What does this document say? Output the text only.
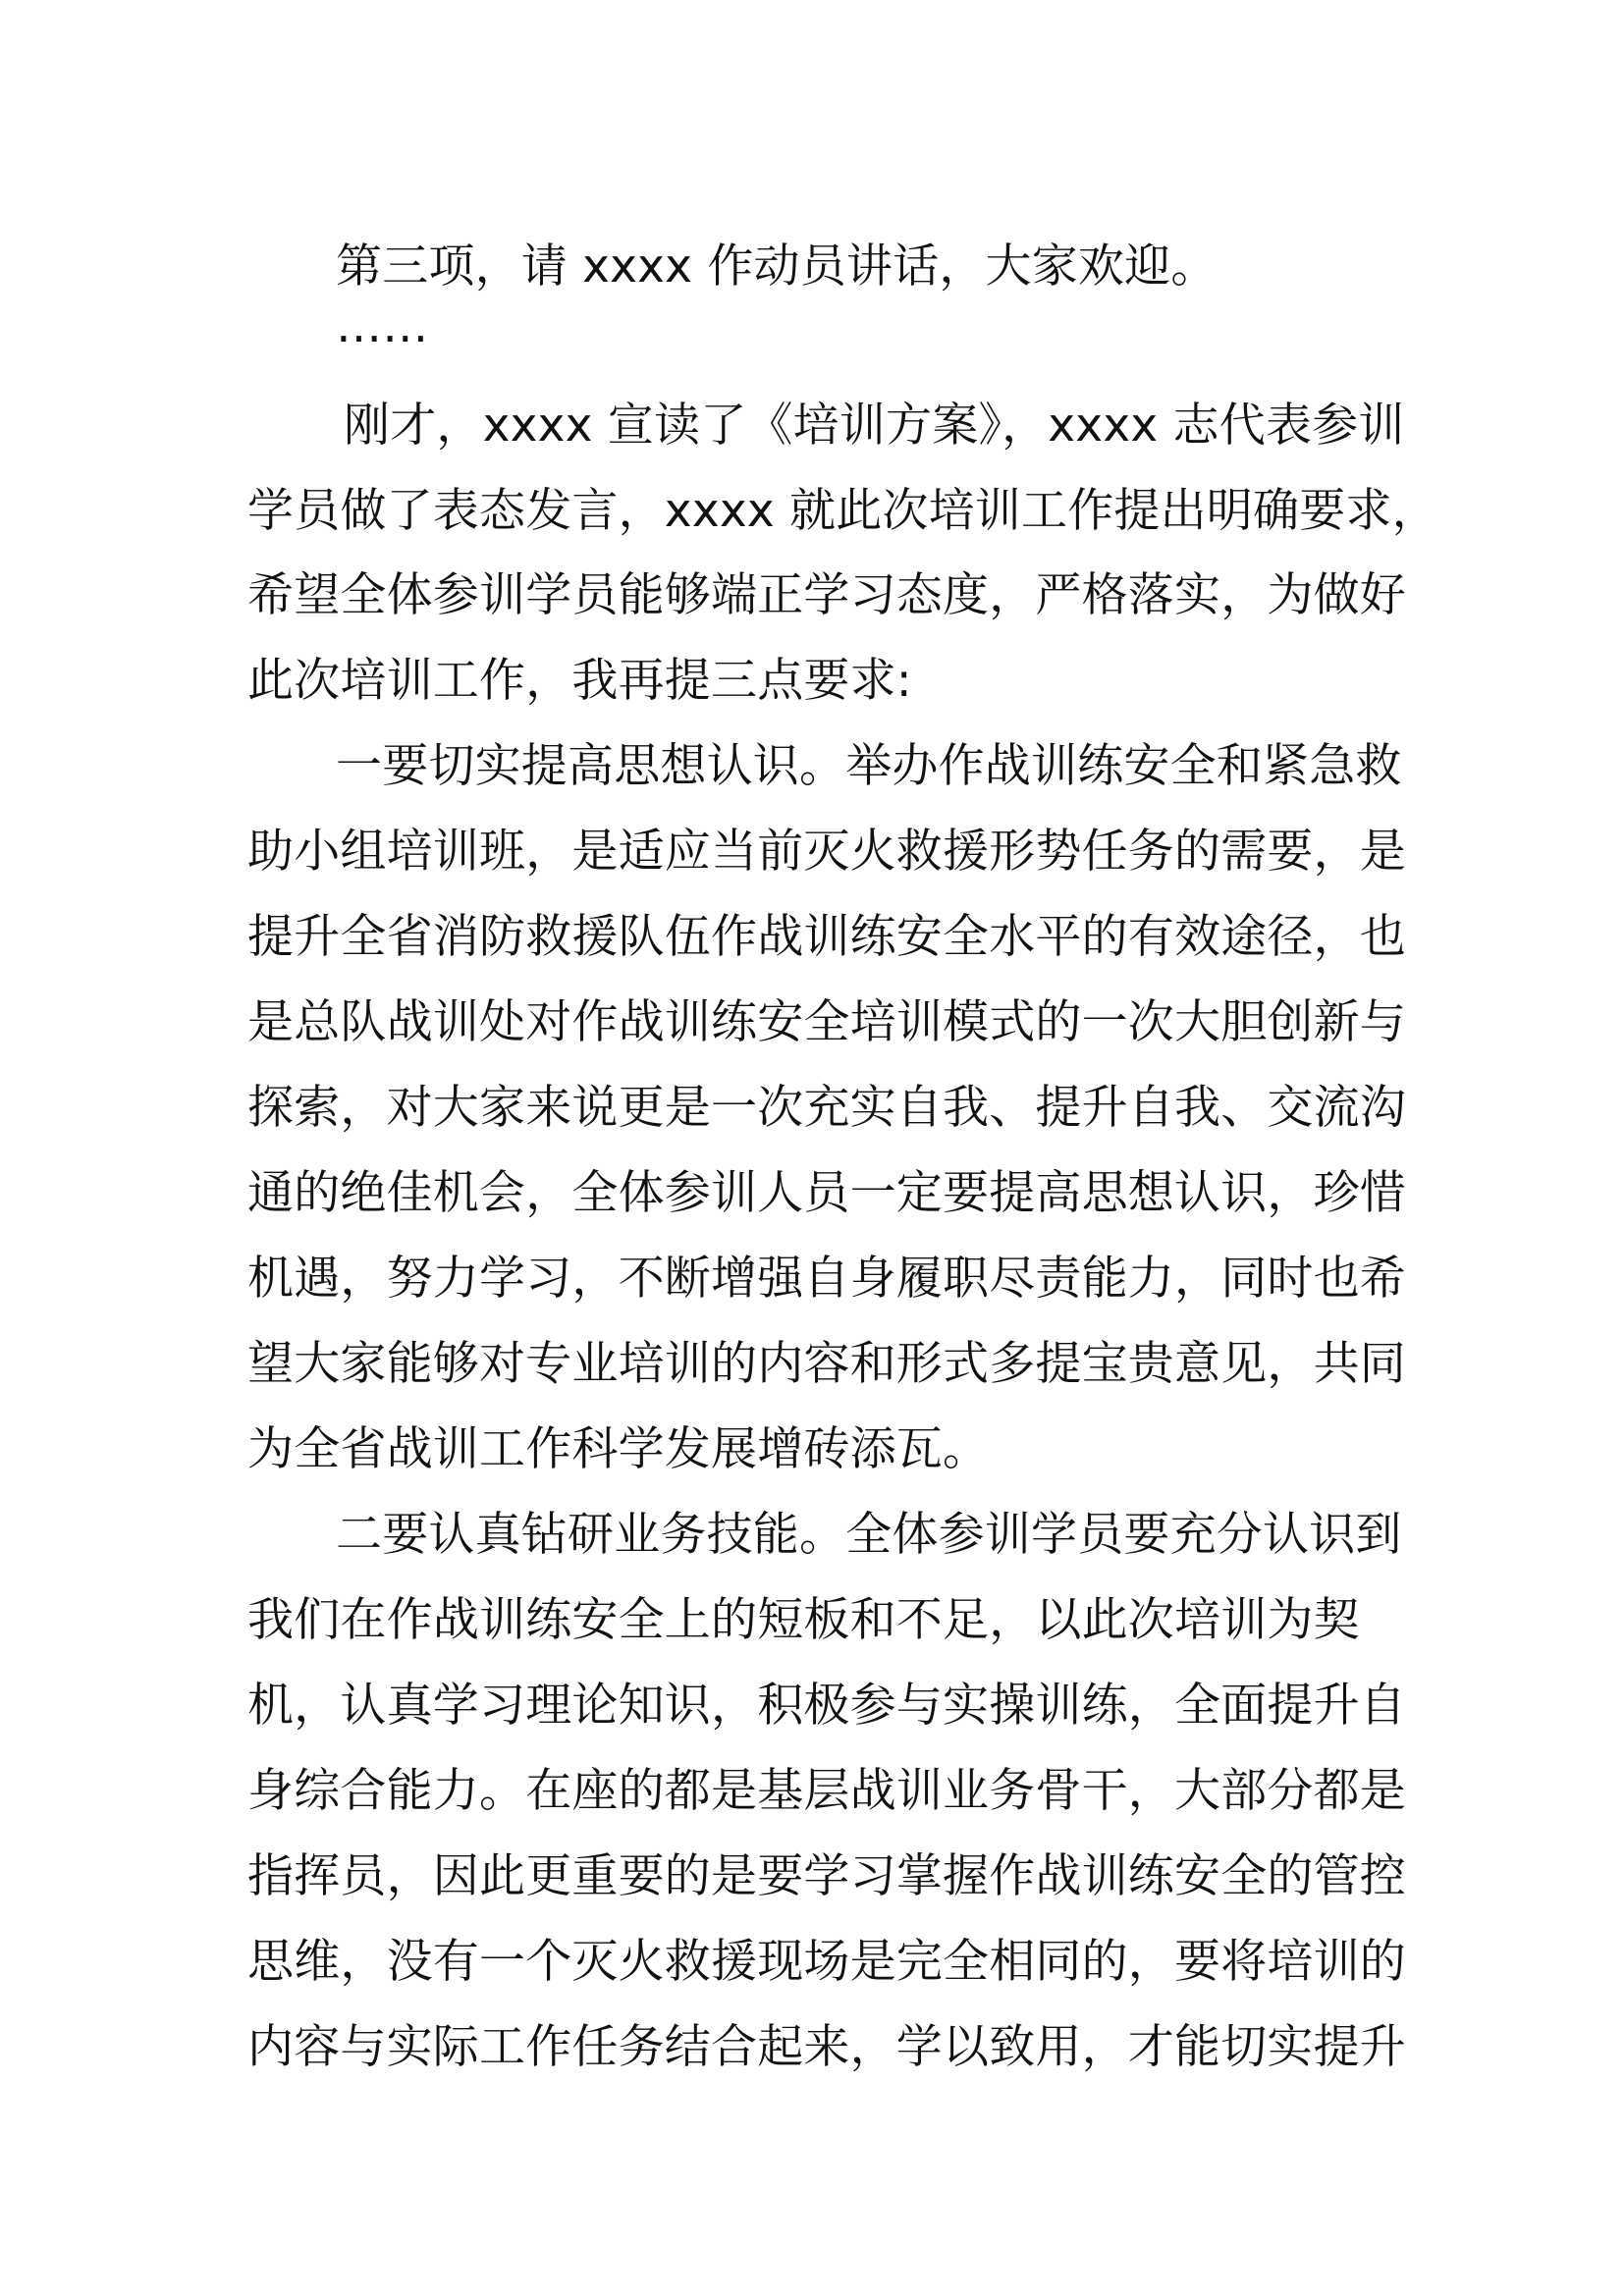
第三项，请 xxxx 作动员讲话，大家欢迎。

……

刚才，xxxx 宣读了《培训方案》，xxxx 志代表参训

学员做了表态发言，xxxx 就此次培训工作提出明确要求，

希望全体参训学员能够端正学习态度，严格落实，为做好

此次培训工作，我再提三点要求:

一要切实提高思想认识。举办作战训练安全和紧急救

助小组培训班，是适应当前灭火救援形势任务的需要，是

提升全省消防救援队伍作战训练安全水平的有效途径，也

是总队战训处对作战训练安全培训模式的一次大胆创新与

探索，对大家来说更是一次充实自我、提升自我、交流沟

通的绝佳机会，全体参训人员一定要提高思想认识，珍惜

机遇，努力学习，不断增强自身履职尽责能力，同时也希

望大家能够对专业培训的内容和形式多提宝贵意见，共同

为全省战训工作科学发展增砖添瓦。

二要认真钻研业务技能。全体参训学员要充分认识到

我们在作战训练安全上的短板和不足，以此次培训为契

机，认真学习理论知识，积极参与实操训练，全面提升自

身综合能力。在座的都是基层战训业务骨干，大部分都是

指挥员，因此更重要的是要学习掌握作战训练安全的管控

思维，没有一个灭火救援现场是完全相同的，要将培训的

内容与实际工作任务结合起来，学以致用，才能切实提升
